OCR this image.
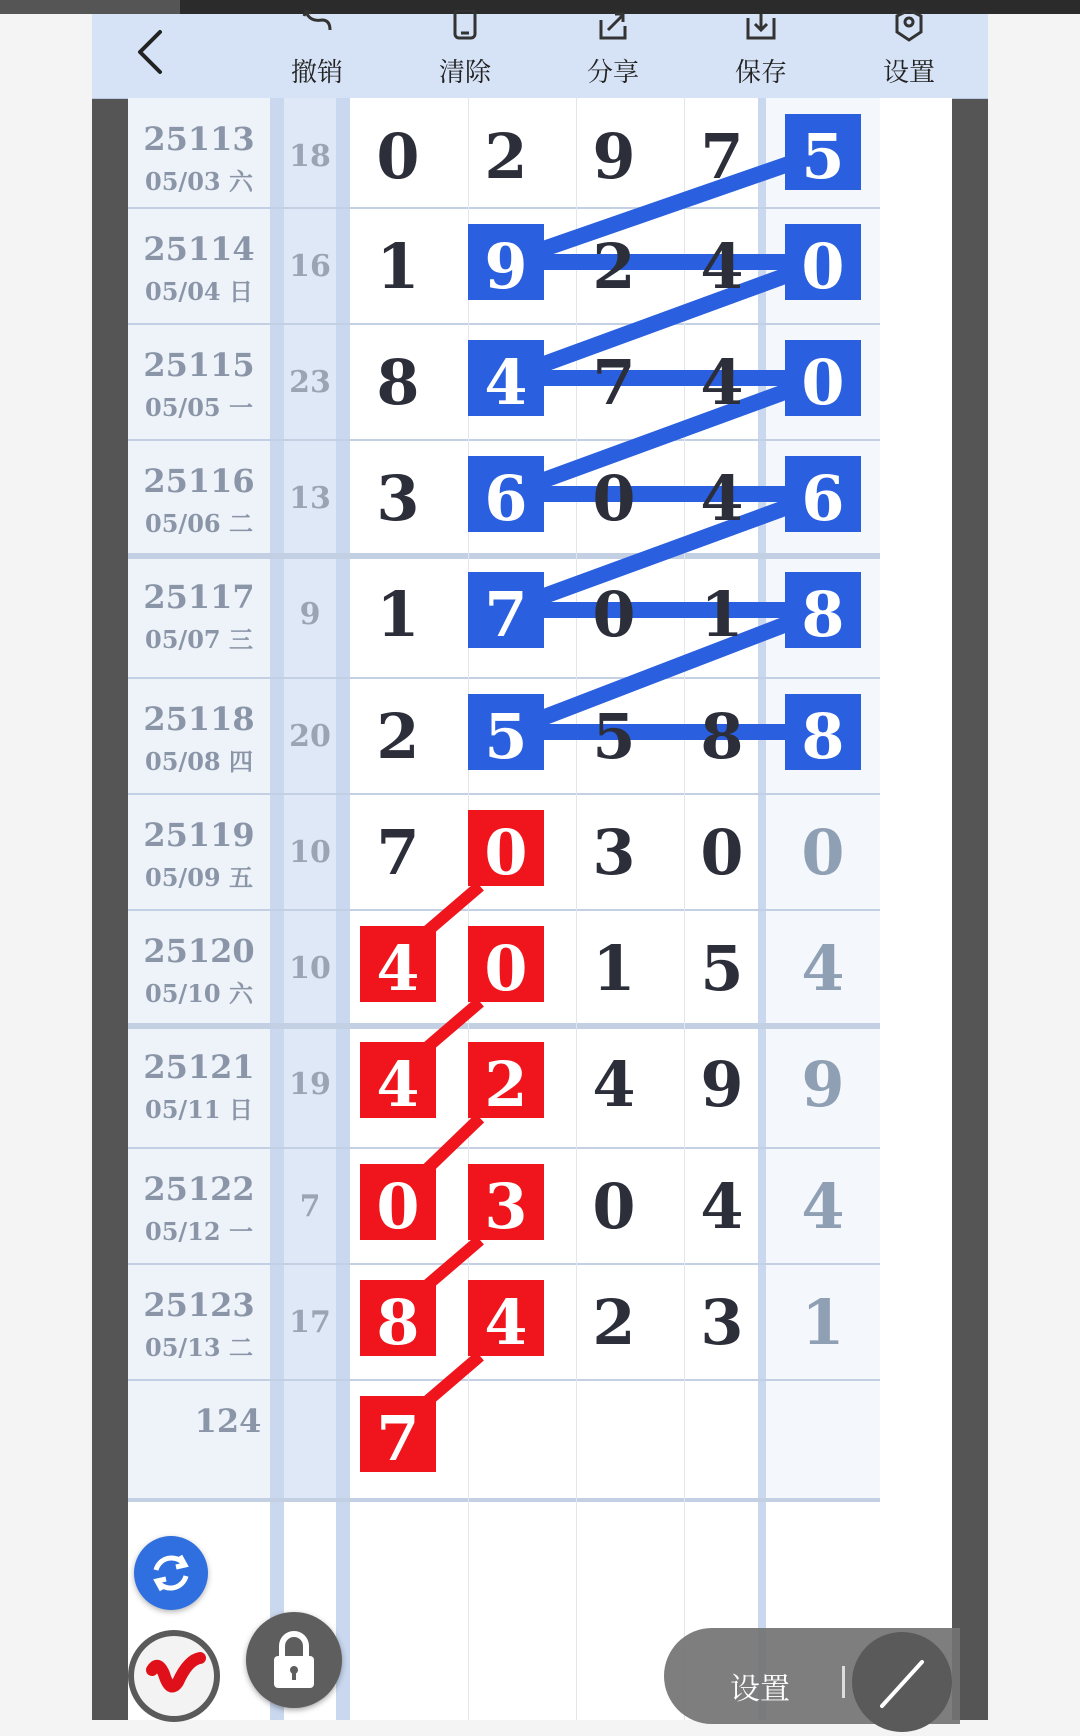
撤销	清除	分享	保存	设置
25113
05/03 六
18 0 2 9 7 5
25114
05/04 日
16 1 9 2 4 0
25115
05/05 一
23 8 4 7 4 0
25116
05/06 二
13 3 6 0 4 6
25117
05/07 三
9 1 7 0 1 8
25118
05/08 四
20 2 5 5 8 8
25119
05/09 五
10 7 0 3 0 0
25120
05/10 六
10 4 0 1 5 4
25121
05/11 日
19 4 2 4 9 9
25122
05/12 一
7 0 3 0 4 4
25123
05/13 二
17 8 4 2 3 1
124 7
设置
